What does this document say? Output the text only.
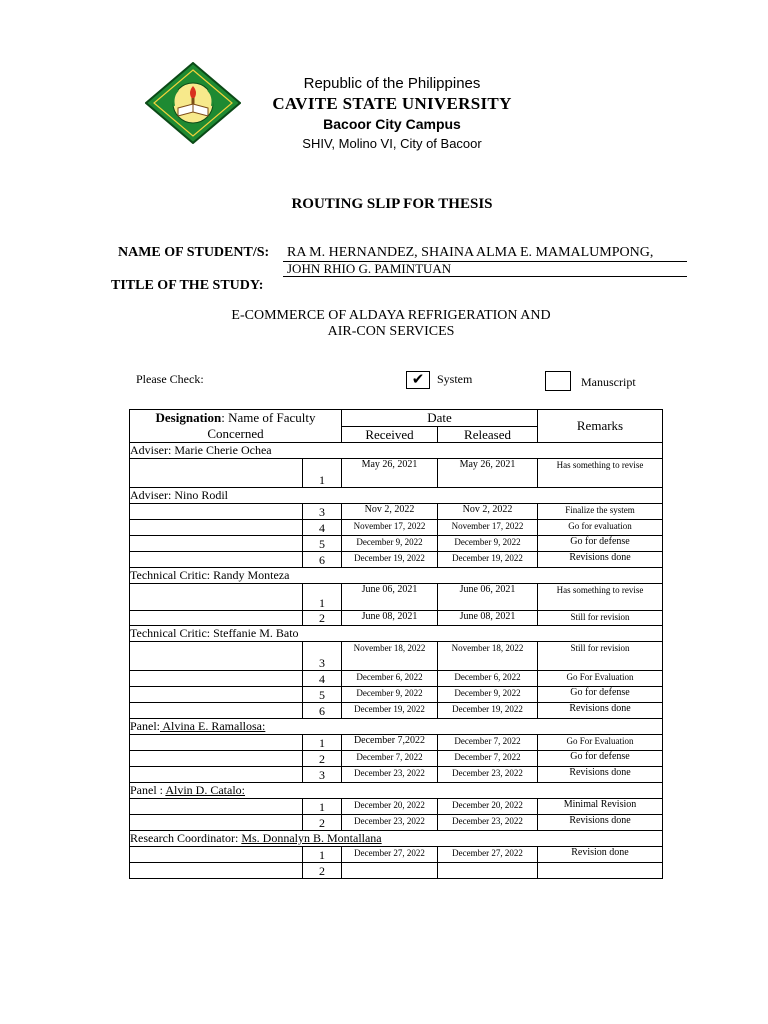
Republic of the Philippines
CAVITE STATE UNIVERSITY
Bacoor City Campus
SHIV, Molino VI, City of Bacoor
ROUTING SLIP FOR THESIS
NAME OF STUDENT/S: RA M. HERNANDEZ, SHAINA ALMA E. MAMALUMPONG,
JOHN RHIO G. PAMINTUAN
TITLE OF THE STUDY:
E-COMMERCE OF ALDAYA REFRIGERATION AND
AIR-CON SERVICES
Please Check:	✔	System	Manuscript
Designation: Name of Faculty
Concerned		Date		Remarks
		Received	Released	
Adviser: Marie Cherie Ochea				
	1	May 26, 2021	May 26, 2021	Has something to revise
Adviser: Nino Rodil				
	3	Nov 2, 2022	Nov 2, 2022	Finalize the system
	4	November 17, 2022	November 17, 2022	Go for evaluation
	5	December 9, 2022	December 9, 2022	Go for defense
	6	December 19, 2022	December 19, 2022	Revisions done
Technical Critic: Randy Monteza				
	1	June 06, 2021	June 06, 2021	Has something to revise
	2	June 08, 2021	June 08, 2021	Still for revision
Technical Critic: Steffanie M. Bato				
	3	November 18, 2022	November 18, 2022	Still for revision
	4	December 6, 2022	December 6, 2022	Go For Evaluation
	5	December 9, 2022	December 9, 2022	Go for defense
	6	December 19, 2022	December 19, 2022	Revisions done
Panel: Alvina E. Ramallosa:				
	1	December 7,2022	December 7, 2022	Go For Evaluation
	2	December 7, 2022	December 7, 2022	Go for defense
	3	December 23, 2022	December 23, 2022	Revisions done
Panel : Alvin D. Catalo:				
	1	December 20, 2022	December 20, 2022	Minimal Revision
	2	December 23, 2022	December 23, 2022	Revisions done
Research Coordinator: Ms. Donnalyn B. Montallana				
	1	December 27, 2022	December 27, 2022	Revision done
	2			
